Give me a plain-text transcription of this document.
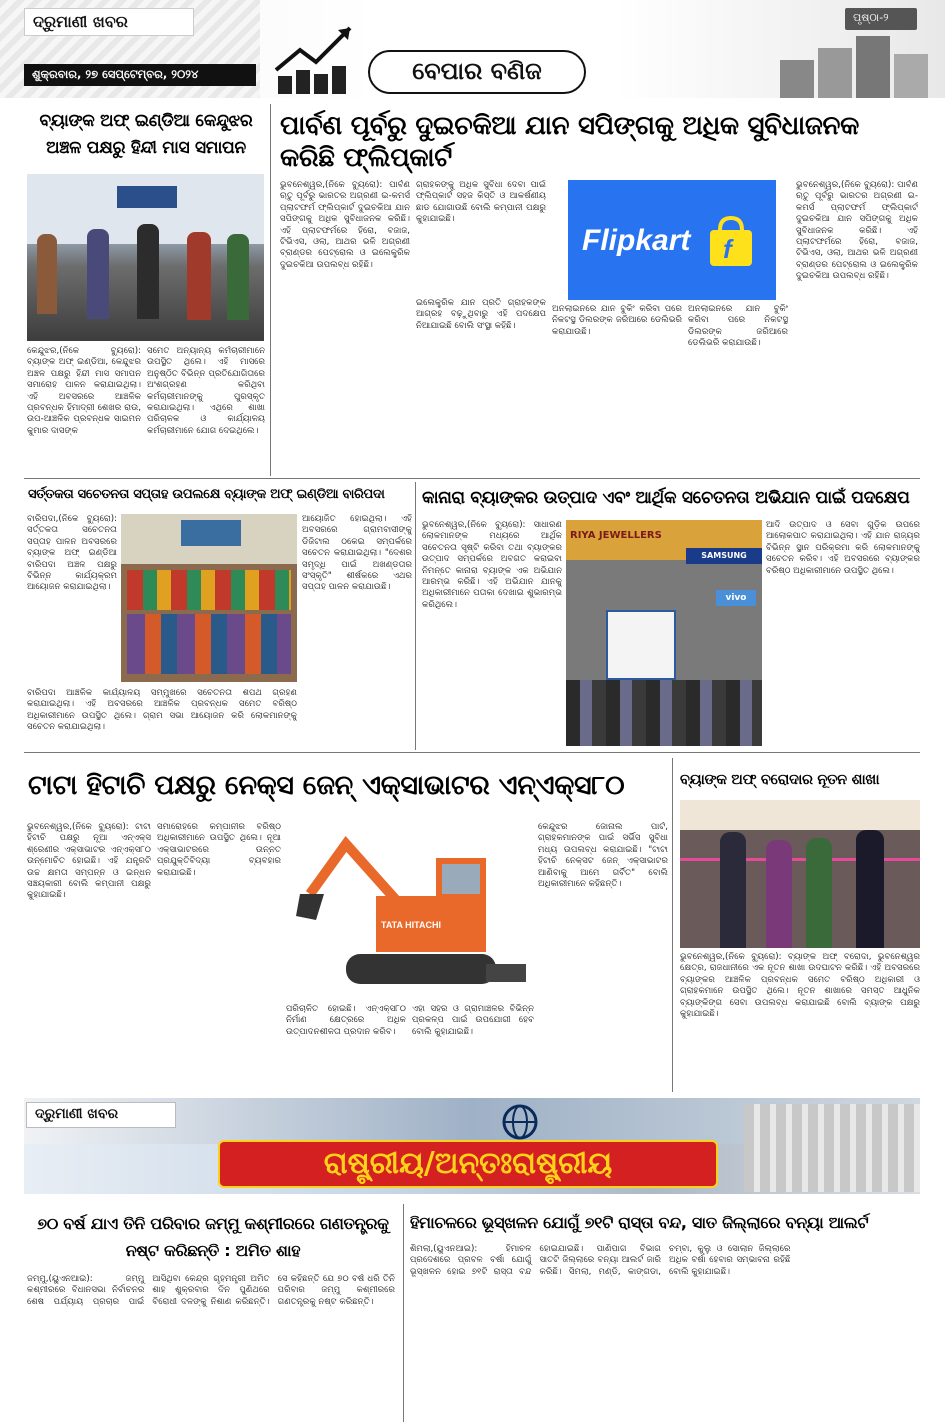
ଦ୍ରୁମାଣୀ ଖବର
ଶୁକ୍ରବାର, ୨୭ ସେପ୍ଟେମ୍ବର, ୨୦୨୪	ବେପାର ବଣିଜ
ପୃଷ୍ଠା-୨
ବ୍ୟାଙ୍କ ଅଫ୍ ଇଣ୍ଡିଆ କେନ୍ଦୁଝର ଅଞ୍ଚଳ ପକ୍ଷରୁ ହିନ୍ଦୀ ମାସ ସମାପନ
କେନ୍ଦୁଝର,(ନିକେ ବ୍ୟୁରୋ): ବ୍ୟାଙ୍କ ଅଫ୍ ଇଣ୍ଡିଆ, କେନ୍ଦୁଝର ଅଞ୍ଚଳ ପକ୍ଷରୁ ହିନ୍ଦୀ ମାସ ସମାପନ ସମାରୋହ ପାଳନ କରାଯାଇଥିଲା। ଏହି ଅବସରରେ ଆଞ୍ଚଳିକ ପ୍ରବନ୍ଧକ ହିମାଦ୍ରୀ ଶେଖର ରାଉ, ଉପ-ଆଞ୍ଚଳିକ ପ୍ରବନ୍ଧକ ସାଇମନ କୁମାର ଦାସଙ୍କ
ସମେତ ଅନ୍ୟାନ୍ୟ କର୍ମଚାରୀମାନେ ଉପସ୍ଥିତ ଥିଲେ। ଏହି ମାସରେ ଅନୁଷ୍ଠିତ ବିଭିନ୍ନ ପ୍ରତିଯୋଗିତାରେ ଅଂଶଗ୍ରହଣ କରିଥିବା କର୍ମଚାରୀମାନଙ୍କୁ ପୁରସ୍କୃତ କରାଯାଇଥିଲା। ଏଥିରେ ଶାଖା ପରିଚାଳକ ଓ କାର୍ଯ୍ୟାଳୟ କର୍ମଚାରୀମାନେ ଯୋଗ ଦେଇଥିଲେ।
ପାର୍ବଣ ପୂର୍ବରୁ ଦୁଇଚକିଆ ଯାନ ସପିଙ୍ଗକୁ ଅଧିକ ସୁବିଧାଜନକ କରିଛି ଫ୍ଲିପ୍‌କାର୍ଟ
ଭୁବନେଶ୍ୱର,(ନିକେ ବ୍ୟୁରୋ): ପାର୍ବଣ ଋତୁ ପୂର୍ବରୁ ଭାରତର ଅଗ୍ରଣୀ ଇ-କମର୍ସ ପ୍ଲାଟଫର୍ମ ଫ୍ଲିପ୍‌କାର୍ଟ ଦୁଇଚକିଆ ଯାନ ସପିଙ୍ଗକୁ ଅଧିକ ସୁବିଧାଜନକ କରିଛି। ଏହି ପ୍ଲାଟଫର୍ମରେ ହିରୋ, ବଜାଜ, ଟିଭିଏସ, ଓଲା, ଆଥର ଭଳି ଅଗ୍ରଣୀ ବ୍ରାଣ୍ଡର ପେଟ୍ରୋଲ ଓ ଇଲେକ୍ଟ୍ରିକ ଦୁଇଚକିଆ ଉପଲବ୍ଧ ରହିଛି।
ଗ୍ରାହକଙ୍କୁ ଅଧିକ ସୁବିଧା ଦେବା ପାଇଁ ଫ୍ଲିପ୍‌କାର୍ଟ ସହଜ କିସ୍ତି ଓ ଆକର୍ଷଣୀୟ ଛାଡ ଯୋଗାଉଛି ବୋଲି କମ୍ପାନୀ ପକ୍ଷରୁ କୁହାଯାଇଛି।
Flipkart f
ଇଲେକ୍ଟ୍ରିକ ଯାନ ପ୍ରତି ଗ୍ରାହକଙ୍କ ଆଗ୍ରହ ବଢ଼ୁଥିବାରୁ ଏହି ପଦକ୍ଷେପ ନିଆଯାଇଛି ବୋଲି ସଂସ୍ଥା କହିଛି।
ଅନଲାଇନରେ ଯାନ ବୁକିଂ କରିବା ପରେ ନିକଟସ୍ଥ ଡିଲରଙ୍କ ଜରିଆରେ ଡେଲିଭରି କରାଯାଉଛି।
ଅନଲାଇନରେ ଯାନ ବୁକିଂ କରିବା ପରେ ନିକଟସ୍ଥ ଡିଲରଙ୍କ ଜରିଆରେ ଡେଲିଭରି କରାଯାଉଛି।
ଭୁବନେଶ୍ୱର,(ନିକେ ବ୍ୟୁରୋ): ପାର୍ବଣ ଋତୁ ପୂର୍ବରୁ ଭାରତର ଅଗ୍ରଣୀ ଇ-କମର୍ସ ପ୍ଲାଟଫର୍ମ ଫ୍ଲିପ୍‌କାର୍ଟ ଦୁଇଚକିଆ ଯାନ ସପିଙ୍ଗକୁ ଅଧିକ ସୁବିଧାଜନକ କରିଛି। ଏହି ପ୍ଲାଟଫର୍ମରେ ହିରୋ, ବଜାଜ, ଟିଭିଏସ, ଓଲା, ଆଥର ଭଳି ଅଗ୍ରଣୀ ବ୍ରାଣ୍ଡର ପେଟ୍ରୋଲ ଓ ଇଲେକ୍ଟ୍ରିକ ଦୁଇଚକିଆ ଉପଲବ୍ଧ ରହିଛି।
ସର୍ତ୍ତକତା ସଚେତନତା ସପ୍ତାହ ଉପଲକ୍ଷେ ବ୍ୟାଙ୍କ ଅଫ୍ ଇଣ୍ଡିଆ ବାରିପଦା
ବାରିପଦା,(ନିକେ ବ୍ୟୁରୋ): ସର୍ତ୍ତକତା ସଚେତନତା ସପ୍ତାହ ପାଳନ ଅବସରରେ ବ୍ୟାଙ୍କ ଅଫ୍ ଇଣ୍ଡିଆ ବାରିପଦା ଅଞ୍ଚଳ ପକ୍ଷରୁ ବିଭିନ୍ନ କାର୍ଯ୍ୟକ୍ରମ ଆୟୋଜନ କରାଯାଇଥିଲା।
ବାରିପଦା ଆଞ୍ଚଳିକ କାର୍ଯ୍ୟାଳୟ ସମ୍ମୁଖରେ ସଚେତନତା ଶପଥ ଗ୍ରହଣ କରାଯାଇଥିଲା। ଏହି ଅବସରରେ ଆଞ୍ଚଳିକ ପ୍ରବନ୍ଧକ ସମେତ ବରିଷ୍ଠ ଅଧିକାରୀମାନେ ଉପସ୍ଥିତ ଥିଲେ। ଗ୍ରାମ ସଭା ଆୟୋଜନ କରି ଲୋକମାନଙ୍କୁ ସଚେତନ କରାଯାଇଥିଲା।
ଆୟୋଜିତ ହୋଇଥିଲା। ଏହି ଅବସରରେ ଗ୍ରାମବାସୀଙ୍କୁ ଡିଜିଟାଲ ଠକେଇ ସମ୍ପର୍କରେ ସଚେତନ କରାଯାଇଥିଲା। "ଦେଶର ସମୃଦ୍ଧି ପାଇଁ ଅଖଣ୍ଡତାର ସଂସ୍କୃତି" ଶୀର୍ଷକରେ ଏଥର ସପ୍ତାହ ପାଳନ କରାଯାଉଛି।
କାନାରା ବ୍ୟାଙ୍କର ଉତ୍ପାଦ ଏବଂ ଆର୍ଥିକ ସଚେତନତା ଅଭିଯାନ ପାଇଁ ପଦକ୍ଷେପ
ଭୁବନେଶ୍ୱର,(ନିକେ ବ୍ୟୁରୋ): ସାଧାରଣ ଲୋକମାନଙ୍କ ମଧ୍ୟରେ ଆର୍ଥିକ ସଚେତନତା ସୃଷ୍ଟି କରିବା ତଥା ବ୍ୟାଙ୍କର ଉତ୍ପାଦ ସମ୍ପର୍କରେ ଅବଗତ କରାଇବା ନିମନ୍ତେ କାନାରା ବ୍ୟାଙ୍କ ଏକ ଅଭିଯାନ ଆରମ୍ଭ କରିଛି। ଏହି ଅଭିଯାନ ଯାନକୁ ଅଧିକାରୀମାନେ ପତାକା ଦେଖାଇ ଶୁଭାରମ୍ଭ କରିଥିଲେ।
RIYA JEWELLERS
SAMSUNG
vivo
ଆଦି ଉତ୍ପାଦ ଓ ସେବା ଗୁଡ଼ିକ ଉପରେ ଆଲୋକପାତ କରାଯାଇଥିଲା। ଏହି ଯାନ ରାଜ୍ୟର ବିଭିନ୍ନ ସ୍ଥାନ ପରିକ୍ରମା କରି ଲୋକମାନଙ୍କୁ ସଚେତନ କରିବ। ଏହି ଅବସରରେ ବ୍ୟାଙ୍କର ବରିଷ୍ଠ ଅଧିକାରୀମାନେ ଉପସ୍ଥିତ ଥିଲେ।
ଟାଟା ହିଟାଚି ପକ୍ଷରୁ ନେକ୍ସ ଜେନ୍ ଏକ୍ସାଭାଟର ଏନ୍‌ଏକ୍ସ୮୦
ଭୁବନେଶ୍ୱର,(ନିକେ ବ୍ୟୁରୋ): ଟାଟା ହିଟାଚି ପକ୍ଷରୁ ନୂଆ ଏନ୍‌ଏକ୍ସ ଶ୍ରେଣୀର ଏକ୍ସାଭାଟର ଏନ୍‌ଏକ୍ସ୮୦ ଉନ୍ମୋଚିତ ହୋଇଛି। ଏହି ଯନ୍ତ୍ରଟି ଉଚ୍ଚ କ୍ଷମତା ସମ୍ପନ୍ନ ଓ ଇନ୍ଧନ ସଞ୍ଚୟକାରୀ ବୋଲି କମ୍ପାନୀ ପକ୍ଷରୁ କୁହାଯାଇଛି।
ସମାରୋହରେ କମ୍ପାନୀର ବରିଷ୍ଠ ଅଧିକାରୀମାନେ ଉପସ୍ଥିତ ଥିଲେ। ନୂଆ ଏକ୍ସାଭାଟରରେ ଉନ୍ନତ ପ୍ରଯୁକ୍ତିବିଦ୍ୟା ବ୍ୟବହାର କରାଯାଇଛି।
TATA HITACHI
ପରିଚାଳିତ ହୋଇଛି। ଏନ୍‌ଏକ୍ସ୮୦ ନିର୍ମାଣ କ୍ଷେତ୍ରରେ ଅଧିକ ଉତ୍ପାଦନଶୀଳତା ପ୍ରଦାନ କରିବ।
ଏହା ସହର ଓ ଗ୍ରାମାଞ୍ଚଳର ବିଭିନ୍ନ ପ୍ରକଳ୍ପ ପାଇଁ ଉପଯୋଗୀ ହେବ ବୋଲି କୁହାଯାଇଛି।
କେନ୍ଦୁଝର ଜୋନାଲ ପାର୍ଟ, ଗ୍ରାହକମାନଙ୍କ ପାଇଁ ସର୍ଭିସ ସୁବିଧା ମଧ୍ୟ ଉପଲବ୍ଧ କରାଯାଇଛି। "ଟାଟା ହିଟାଚି ନେକ୍ସଟ ଜେନ୍ ଏକ୍ସାଭାଟର ଆଣିବାକୁ ଆମେ ଗର୍ବିତ" ବୋଲି ଅଧିକାରୀମାନେ କହିଛନ୍ତି।
ବ୍ୟାଙ୍କ ଅଫ୍ ବରୋଦାର ନୂତନ ଶାଖା
ଭୁବନେଶ୍ୱର,(ନିକେ ବ୍ୟୁରୋ): ବ୍ୟାଙ୍କ ଅଫ୍ ବରୋଦା, ଭୁବନେଶ୍ୱର କ୍ଷେତ୍ର, ରାଜଧାନୀରେ ଏକ ନୂତନ ଶାଖା ଉଦଘାଟନ କରିଛି। ଏହି ଅବସରରେ ବ୍ୟାଙ୍କର ଆଞ୍ଚଳିକ ପ୍ରବନ୍ଧକ ସମେତ ବରିଷ୍ଠ ଅଧିକାରୀ ଓ ଗ୍ରାହକମାନେ ଉପସ୍ଥିତ ଥିଲେ। ନୂତନ ଶାଖାରେ ସମସ୍ତ ଆଧୁନିକ ବ୍ୟାଙ୍କିଙ୍ଗ ସେବା ଉପଲବ୍ଧ କରାଯାଇଛି ବୋଲି ବ୍ୟାଙ୍କ ପକ୍ଷରୁ କୁହାଯାଇଛି।
ଦ୍ରୁମାଣୀ ଖବର
ରାଷ୍ଟ୍ରୀୟ/ଅନ୍ତଃରାଷ୍ଟ୍ରୀୟ
୭୦ ବର୍ଷ ଯାଏ ତିନି ପରିବାର ଜମ୍ମୁ କଶ୍ମୀରରେ ଗଣତନ୍ତ୍ରକୁ ନଷ୍ଟ କରିଛନ୍ତି : ଅମିତ ଶାହ
ଜମ୍ମୁ,(ୟୁଏନଆଇ): ଜମ୍ମୁ କଶ୍ମୀରରେ ବିଧାନସଭା ନିର୍ବାଚନର ଶେଷ ପର୍ଯ୍ୟାୟ ପ୍ରଚାର ପାଇଁ ଆସିଥିବା କେନ୍ଦ୍ର ଗୃହମନ୍ତ୍ରୀ ଅମିତ ଶାହ ଶୁକ୍ରବାର ଦିନ ପୁଣିଥରେ ବିରୋଧୀ ଦଳଙ୍କୁ ନିଶାଣ କରିଛନ୍ତି। ସେ କହିଛନ୍ତି ଯେ ୭୦ ବର୍ଷ ଧରି ତିନି ପରିବାର ଜମ୍ମୁ କଶ୍ମୀରରେ ଗଣତନ୍ତ୍ରକୁ ନଷ୍ଟ କରିଛନ୍ତି।
ହିମାଚଳରେ ଭୂସ୍ଖଳନ ଯୋଗୁଁ ୭୧ଟି ରାସ୍ତା ବନ୍ଦ, ସାତ ଜିଲ୍ଲାରେ ବନ୍ୟା ଆଲର୍ଟ
ଶିମଲା,(ୟୁଏନଆଇ): ହିମାଚଳ ପ୍ରଦେଶରେ ପ୍ରବଳ ବର୍ଷା ଯୋଗୁଁ ଭୂସ୍ଖଳନ ହୋଇ ୭୧ଟି ରାସ୍ତା ବନ୍ଦ ହୋଇଯାଇଛି। ପାଣିପାଗ ବିଭାଗ ସାତଟି ଜିଲ୍ଲାରେ ବନ୍ୟା ଆଲର୍ଟ ଜାରି କରିଛି। ସିମଲା, ମଣ୍ଡି, କାଙ୍ଗଡା, ଚମ୍ବା, କୁଲୁ ଓ ସୋଲାନ ଜିଲ୍ଲାରେ ଅଧିକ ବର୍ଷା ହେବାର ସମ୍ଭାବନା ରହିଛି ବୋଲି କୁହାଯାଇଛି।
